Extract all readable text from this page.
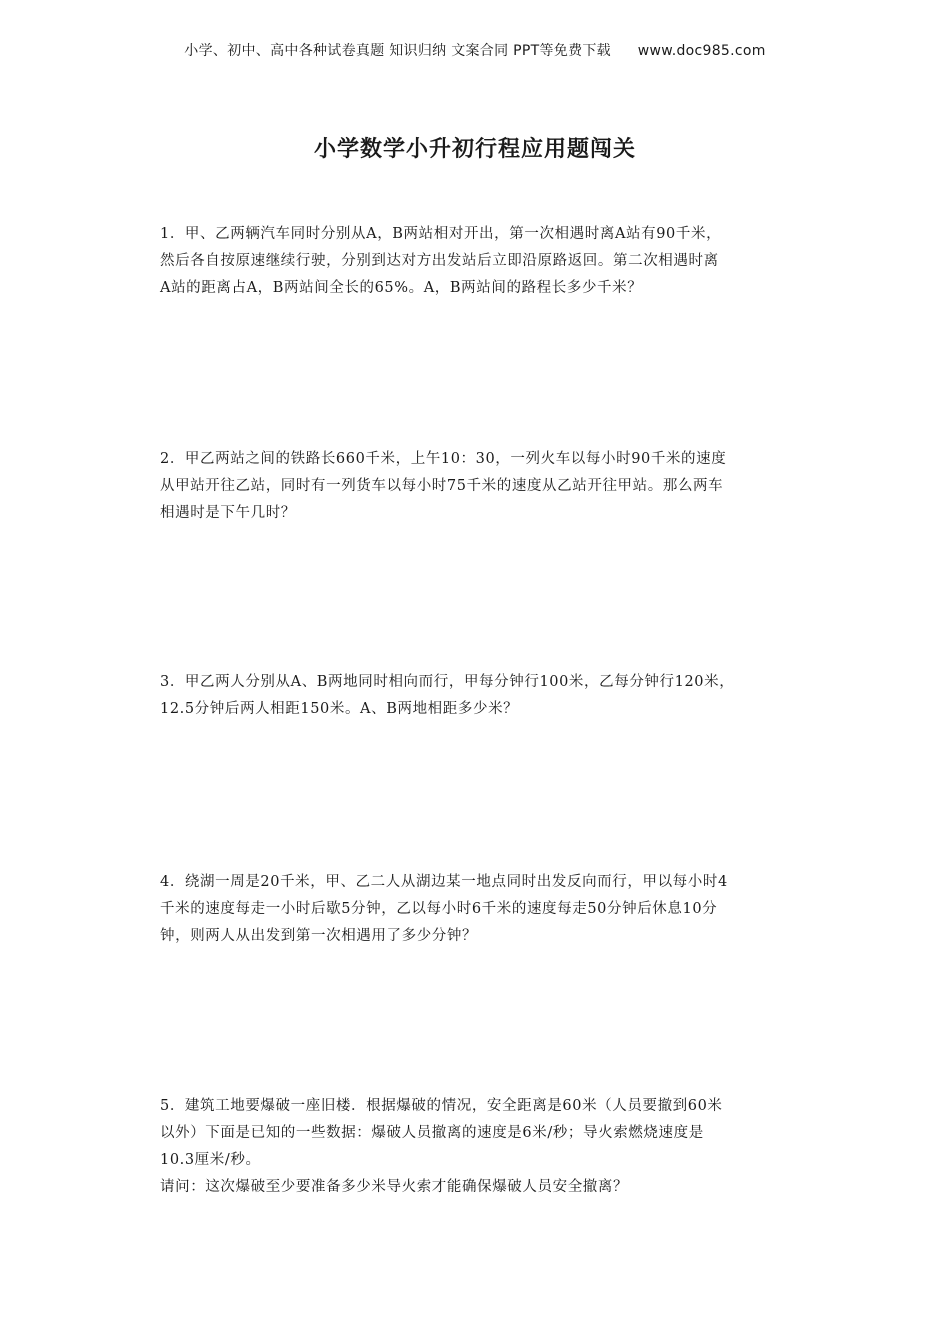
小学、初中、高中各种试卷真题 知识归纳 文案合同 PPT等免费下载 www.doc985.com
小学数学小升初行程应用题闯关

1．甲、乙两辆汽车同时分别从A，B两站相对开出，第一次相遇时离A站有90千米，

然后各自按原速继续行驶，分别到达对方出发站后立即沿原路返回。第二次相遇时离

A站的距离占A，B两站间全长的65%。A，B两站间的路程长多少千米？

2．甲乙两站之间的铁路长660千米，上午10：30，一列火车以每小时90千米的速度

从甲站开往乙站，同时有一列货车以每小时75千米的速度从乙站开往甲站。那么两车

相遇时是下午几时？

3．甲乙两人分别从A、B两地同时相向而行，甲每分钟行100米，乙每分钟行120米，

12.5分钟后两人相距150米。A、B两地相距多少米？

4．绕湖一周是20千米，甲、乙二人从湖边某一地点同时出发反向而行，甲以每小时4

千米的速度每走一小时后歇5分钟，乙以每小时6千米的速度每走50分钟后休息10分

钟，则两人从出发到第一次相遇用了多少分钟？

5．建筑工地要爆破一座旧楼．根据爆破的情况，安全距离是60米（人员要撤到60米

以外）下面是已知的一些数据：爆破人员撤离的速度是6米/秒；导火索燃烧速度是

10.3厘米/秒。

请问：这次爆破至少要准备多少米导火索才能确保爆破人员安全撤离？
